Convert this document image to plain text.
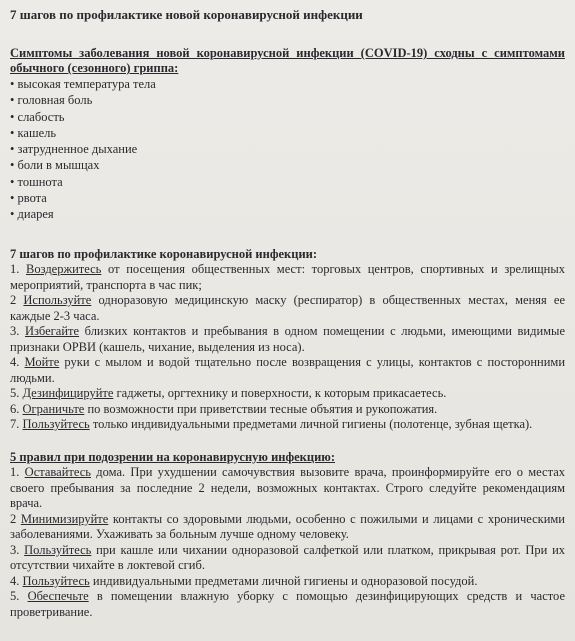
7 шагов по профилактике новой коронавирусной инфекции
Симптомы заболевания новой коронавирусной инфекции (COVID-19) сходны с симптомами обычного (сезонного) гриппа:
• высокая температура тела
• головная боль
• слабость
• кашель
• затрудненное дыхание
• боли в мышцах
• тошнота
• рвота
• диарея
7 шагов по профилактике коронавирусной инфекции:
1. Воздержитесь от посещения общественных мест: торговых центров, спортивных и зрелищных мероприятий, транспорта в час пик;
2 Используйте одноразовую медицинскую маску (респиратор) в общественных местах, меняя ее каждые 2-3 часа.
3. Избегайте близких контактов и пребывания в одном помещении с людьми, имеющими видимые признаки ОРВИ (кашель, чихание, выделения из носа).
4. Мойте руки с мылом и водой тщательно после возвращения с улицы, контактов с посторонними людьми.
5. Дезинфицируйте гаджеты, оргтехнику и поверхности, к которым прикасаетесь.
6. Ограничьте по возможности при приветствии тесные объятия и рукопожатия.
7. Пользуйтесь только индивидуальными предметами личной гигиены (полотенце, зубная щетка).
5 правил при подозрении на коронавирусную инфекцию:
1. Оставайтесь дома. При ухудшении самочувствия вызовите врача, проинформируйте его о местах своего пребывания за последние 2 недели, возможных контактах. Строго следуйте рекомендациям врача.
2 Минимизируйте контакты со здоровыми людьми, особенно с пожилыми и лицами с хроническими заболеваниями. Ухаживать за больным лучше одному человеку.
3. Пользуйтесь при кашле или чихании одноразовой салфеткой или платком, прикрывая рот. При их отсутствии чихайте в локтевой сгиб.
4. Пользуйтесь индивидуальными предметами личной гигиены и одноразовой посудой.
5. Обеспечьте в помещении влажную уборку с помощью дезинфицирующих средств и частое проветривание.
